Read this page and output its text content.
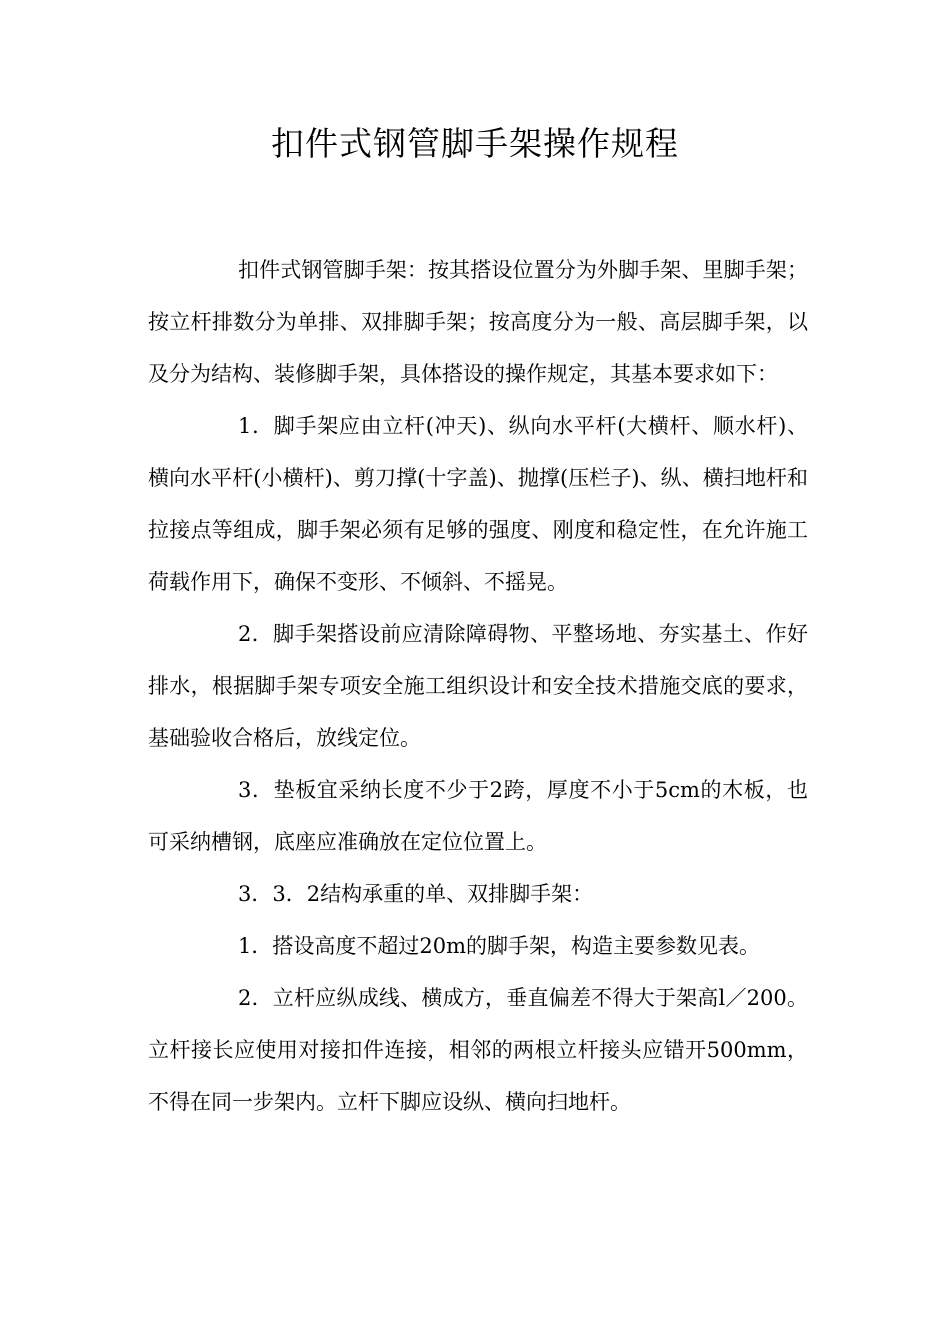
扣件式钢管脚手架操作规程

扣件式钢管脚手架：按其搭设位置分为外脚手架、里脚手架；按立杆排数分为单排、双排脚手架；按高度分为一般、高层脚手架，以及分为结构、装修脚手架，具体搭设的操作规定，其基本要求如下：

1．脚手架应由立杆(冲天)、纵向水平杆(大横杆、顺水杆)、横向水平杆(小横杆)、剪刀撑(十字盖)、抛撑(压栏子)、纵、横扫地杆和拉接点等组成，脚手架必须有足够的强度、刚度和稳定性，在允许施工荷载作用下，确保不变形、不倾斜、不摇晃。

2．脚手架搭设前应清除障碍物、平整场地、夯实基土、作好排水，根据脚手架专项安全施工组织设计和安全技术措施交底的要求，基础验收合格后，放线定位。

3．垫板宜采纳长度不少于2跨，厚度不小于5cm的木板，也可采纳槽钢，底座应准确放在定位位置上。

3．3．2结构承重的单、双排脚手架：

1．搭设高度不超过20m的脚手架，构造主要参数见表。

2．立杆应纵成线、横成方，垂直偏差不得大于架高l／200。立杆接长应使用对接扣件连接，相邻的两根立杆接头应错开500mm，不得在同一步架内。立杆下脚应设纵、横向扫地杆。
